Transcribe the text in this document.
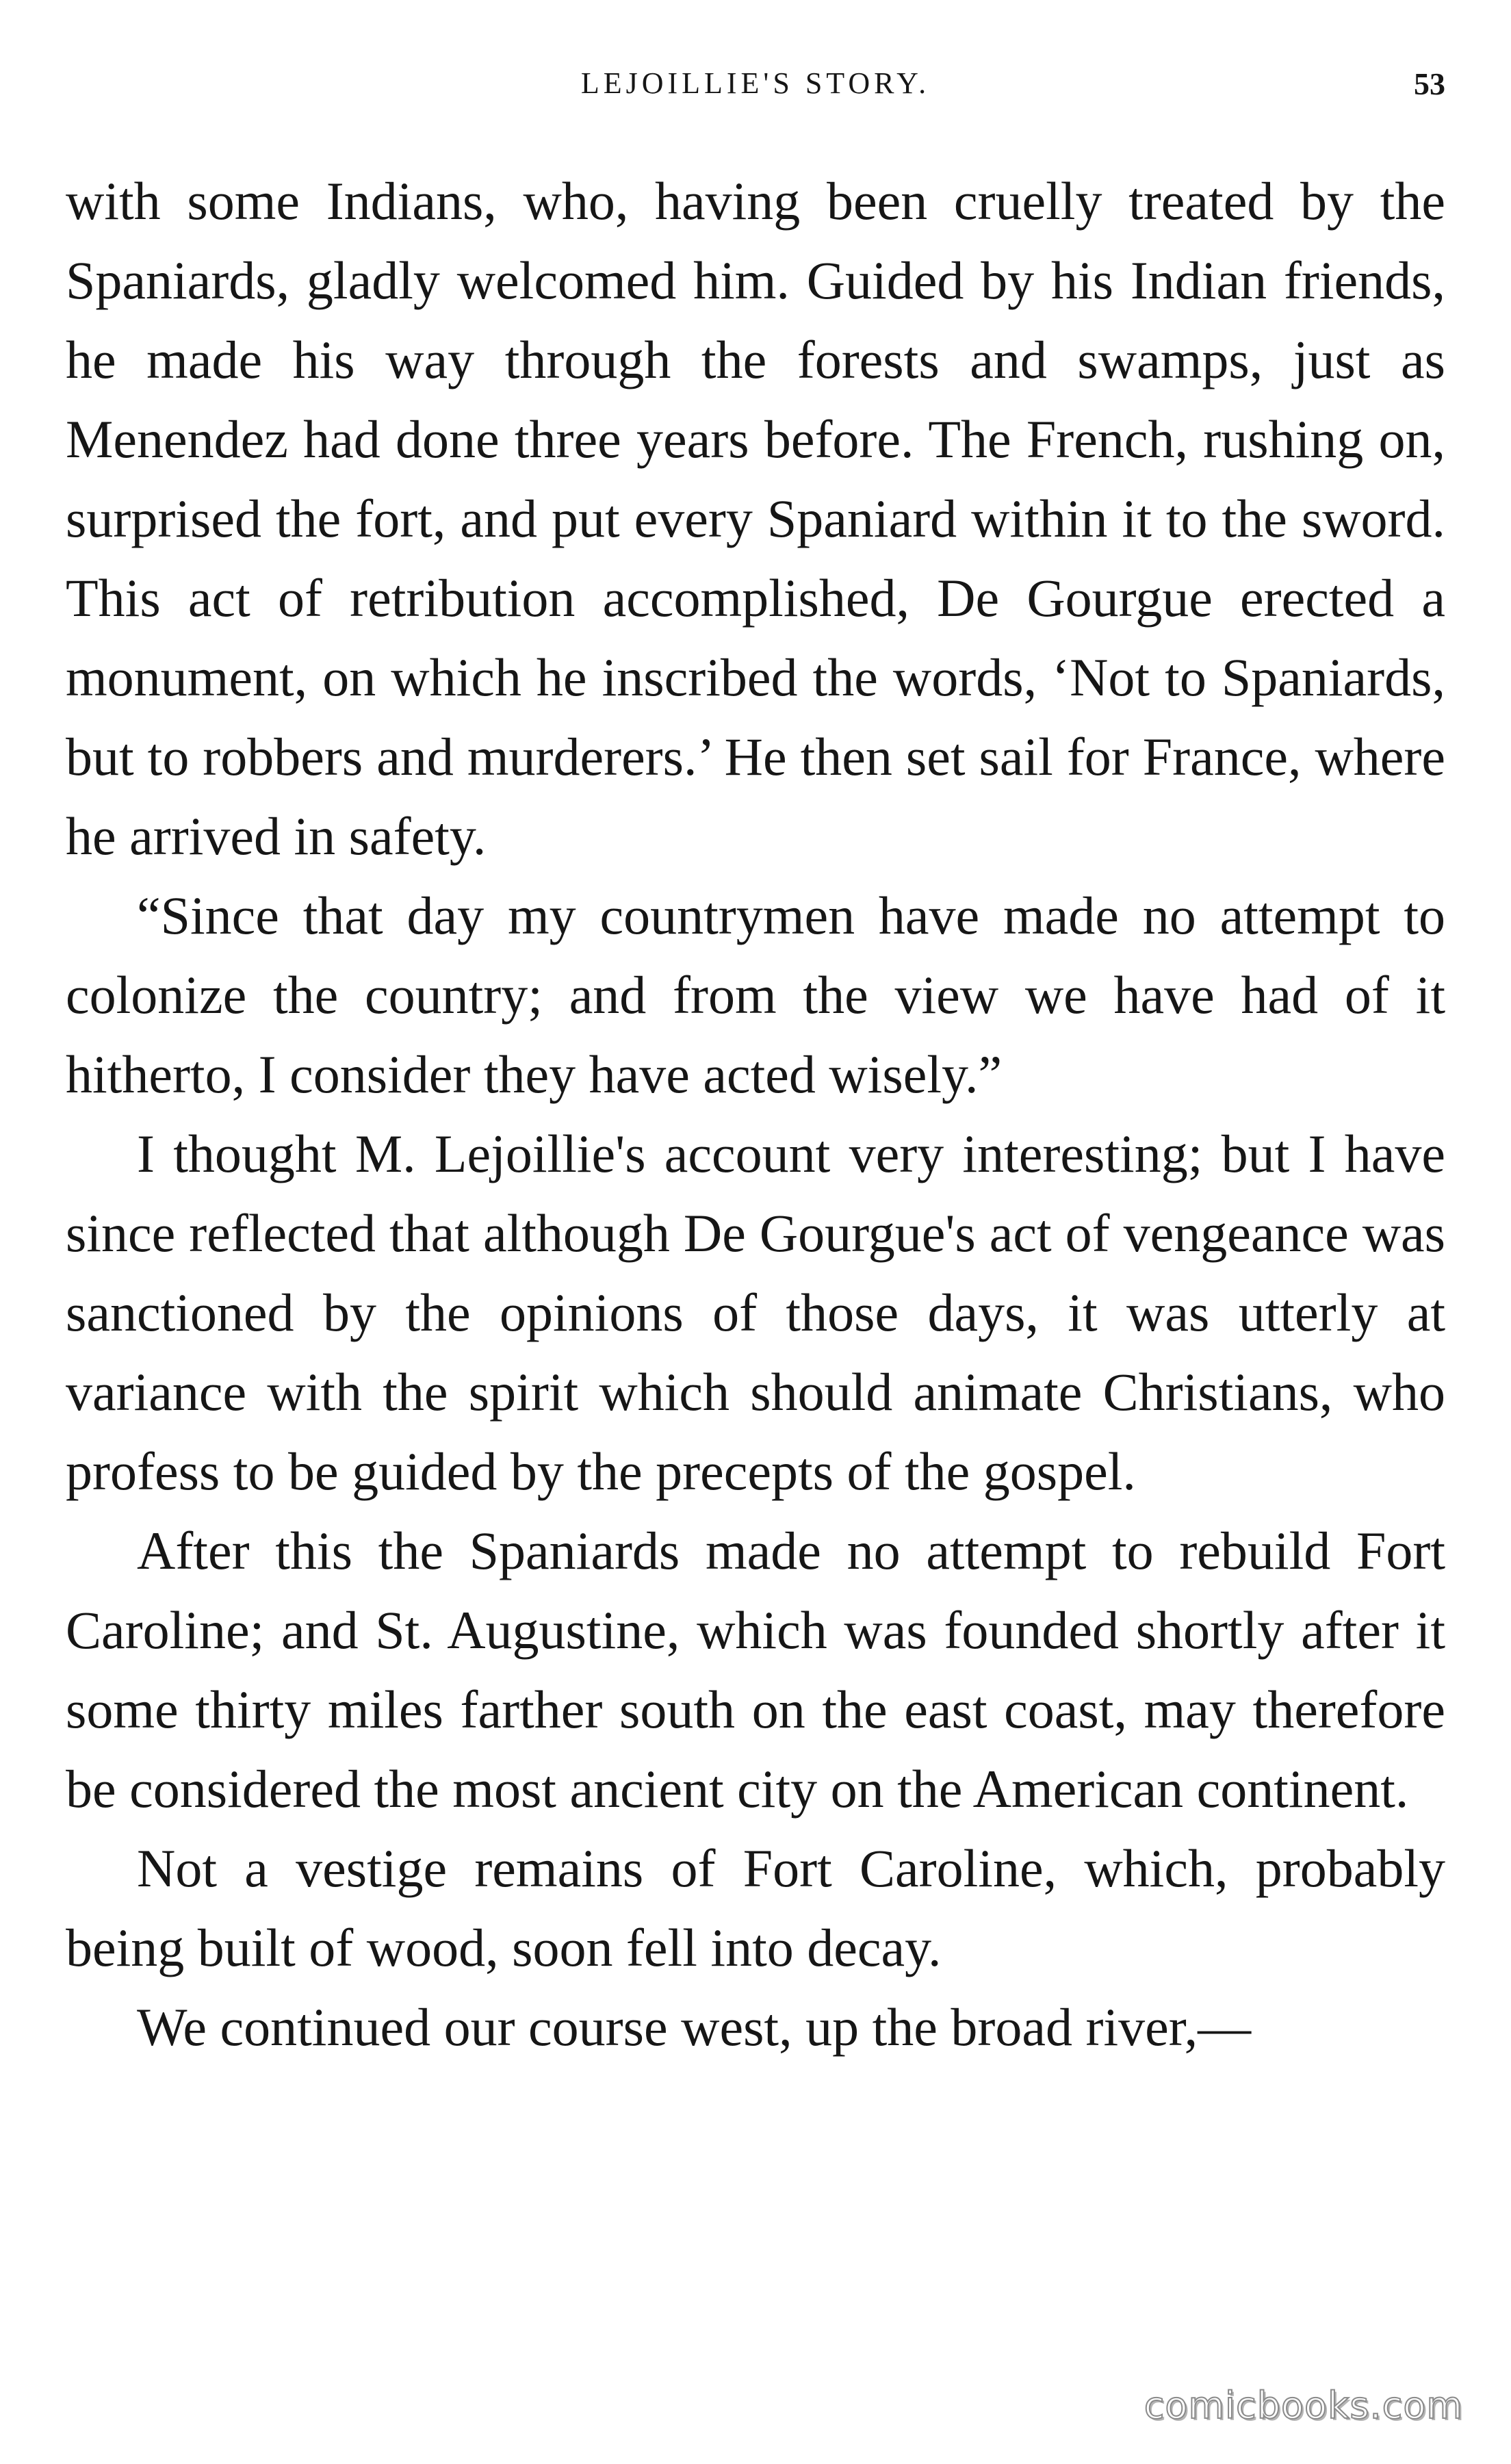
LEJOILLIE'S STORY.	53

with some Indians, who, having been cruelly treated by the Spaniards, gladly welcomed him. Guided by his Indian friends, he made his way through the forests and swamps, just as Menendez had done three years before. The French, rushing on, surprised the fort, and put every Spaniard within it to the sword. This act of retribution accomplished, De Gourgue erected a monument, on which he inscribed the words, ‘Not to Spaniards, but to robbers and murderers.’ He then set sail for France, where he arrived in safety.

“Since that day my countrymen have made no attempt to colonize the country; and from the view we have had of it hitherto, I consider they have acted wisely.”

I thought M. Lejoillie's account very interesting; but I have since reflected that although De Gourgue's act of vengeance was sanctioned by the opinions of those days, it was utterly at variance with the spirit which should animate Christians, who profess to be guided by the precepts of the gospel.

After this the Spaniards made no attempt to rebuild Fort Caroline; and St. Augustine, which was founded shortly after it some thirty miles farther south on the east coast, may therefore be considered the most ancient city on the American continent.

Not a vestige remains of Fort Caroline, which, probably being built of wood, soon fell into decay.

We continued our course west, up the broad river,—

comicbooks.com
